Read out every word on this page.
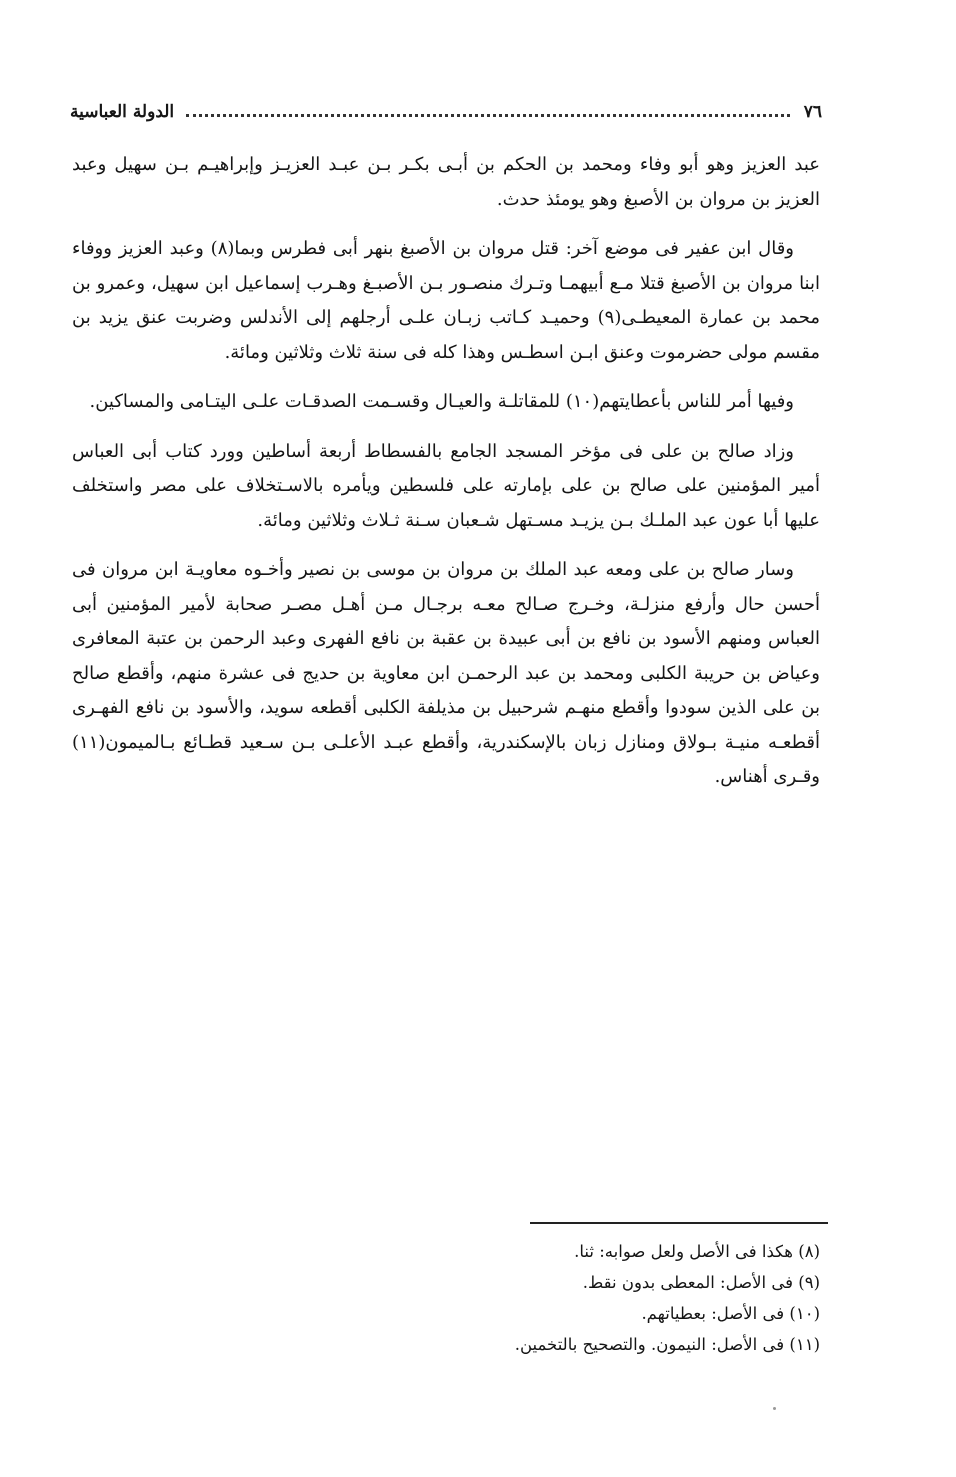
٧٦
الدولة العباسية

عبد العزيز وهو أبو وفاء ومحمد بن الحكم بن أبـى بكـر بـن عبـد العزيـز وإبراهيـم بـن سهيل وعبد العزيز بن مروان بن الأصبغ وهو يومئذ حدث.

وقال ابن عفير فى موضع آخر: قتل مروان بن الأصبغ بنهر أبى فطرس وبما(٨) وعبد العزيز ووفاء ابنا مروان بن الأصبغ قتلا مـع أبيهمـا وتـرك منصـور بـن الأصبـغ وهـرب إسماعيل ابن سهيل، وعمرو بن محمد بن عمارة المعيطـى(٩) وحميـد كـاتب زبـان علـى أرجلهم إلى الأندلس وضربت عنق يزيد بن مقسم مولى حضرموت وعنق ابـن اسطـس وهذا كله فى سنة ثلاث وثلاثين ومائة.

وفيها أمر للناس بأعطايتهم(١٠) للمقاتلـة والعيـال وقسـمت الصدقـات علـى اليتـامى والمساكين.

وزاد صالح بن على فى مؤخر المسجد الجامع بالفسطاط أربعة أساطين وورد كتاب أبى العباس أمير المؤمنين على صالح بن على بإمارته على فلسطين ويأمره بالاسـتخلاف على مصر واستخلف عليها أبا عون عبد الملـك بـن يزيـد مسـتهل شـعبان سـنة ثـلاث وثلاثين ومائة.

وسار صالح بن على ومعه عبد الملك بن مروان بن موسى بن نصير وأخـوه معاويـة ابن مروان فى أحسن حال وأرفع منزلـة، وخـرج صـالح معـه برجـال مـن أهـل مصـر صحابة لأمير المؤمنين أبى العباس ومنهم الأسود بن نافع بن أبى عبيدة بن عقبة بن نافع الفهرى وعبد الرحمن بن عتبة المعافرى وعياض بن حريبة الكلبى ومحمد بن عبد الرحمـن ابن معاوية بن حديج فى عشرة منهم، وأقطع صالح بن على الذين سودوا وأقطع منهـم شرحبيل بن مذيلفة الكلبى أقطعه سويد، والأسود بن نافع الفهـرى أقطعـه منيـة بـولاق ومنازل زبان بالإسكندرية، وأقطع عبـد الأعلـى بـن سـعيد قطـائع بـالميمون(١١) وقـرى أهناس.

(٨) هكذا فى الأصل ولعل صوابه: ثنا.

(٩) فى الأصل: المعطى بدون نقط.

(١٠) فى الأصل: بعطياتهم.

(١١) فى الأصل: النيمون. والتصحيح بالتخمين.
